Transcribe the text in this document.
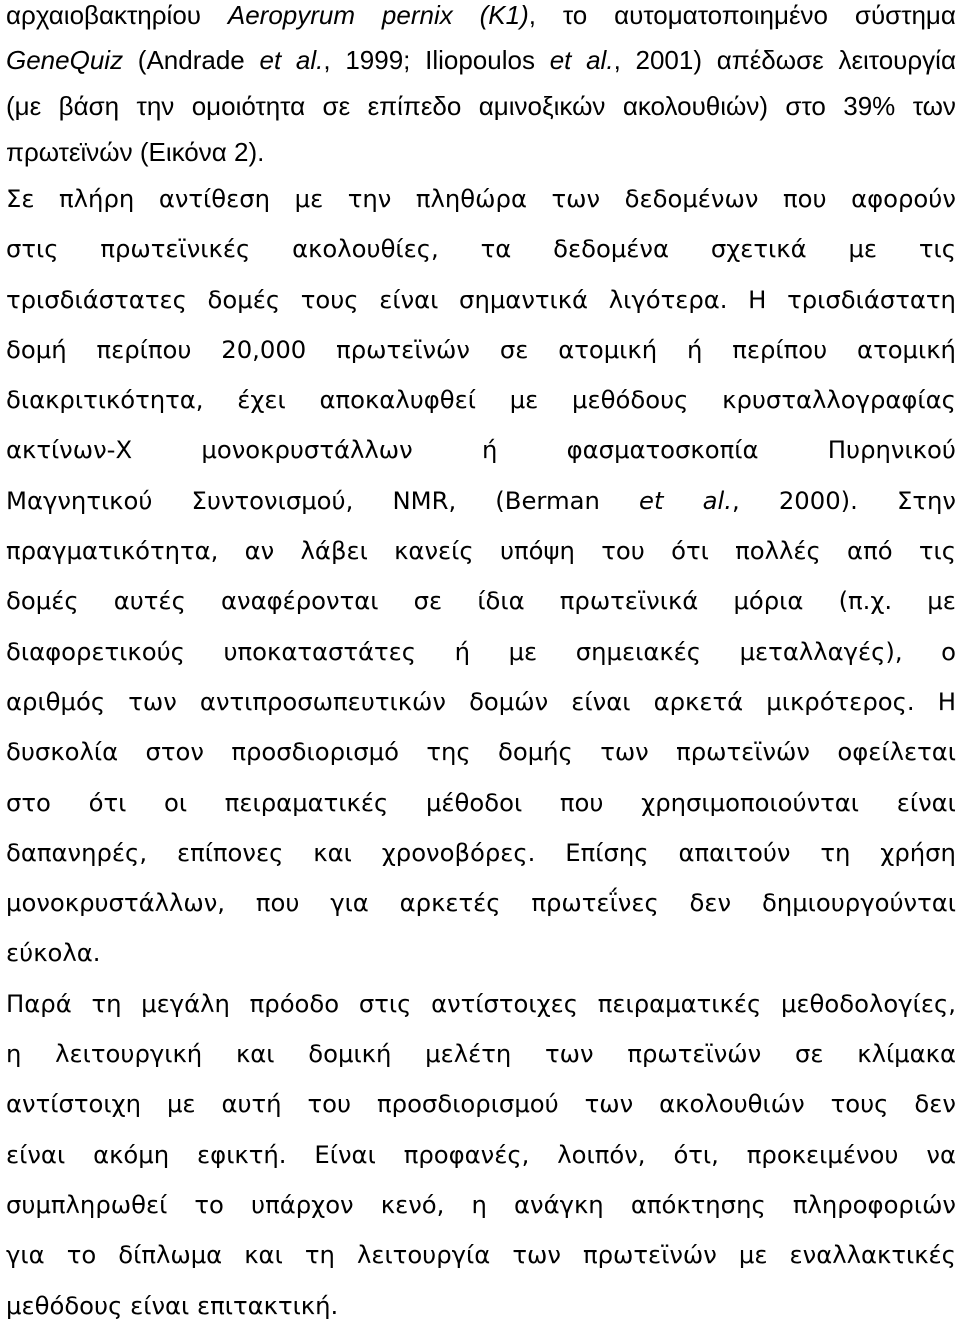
αρχαιοβακτηρίου Aeropyrum pernix (K1), το αυτοματοποιημένο σύστημα
GeneQuiz (Andrade et al., 1999; Iliopoulos et al., 2001) απέδωσε λειτουργία
(με βάση την ομοιότητα σε επίπεδο αμινοξικών ακολουθιών) στο 39% των
πρωτεϊνών
(Εικόνα
2).
Σε πλήρη αντίθεση με την πληθώρα των δεδομένων που αφορούν
στις πρωτεϊνικές ακολουθίες, τα δεδομένα σχετικά με τις
τρισδιάστατες δομές τους είναι σημαντικά λιγότερα. Η τρισδιάστατη
δομή περίπου 20,000 πρωτεϊνών σε ατομική ή περίπου ατομική
διακριτικότητα, έχει αποκαλυφθεί με μεθόδους κρυσταλλογραφίας
ακτίνων-Χ	μονοκρυστάλλων	ή	φασματοσκοπία	Πυρηνικού
Μαγνητικού Συντονισμού, NMR, (Berman et al., 2000). Στην
πραγματικότητα, αν λάβει κανείς υπόψη του ότι πολλές από τις
δομές αυτές αναφέρονται σε ίδια πρωτεϊνικά μόρια (π.χ. με
διαφορετικούς υποκαταστάτες ή με σημειακές μεταλλαγές), ο
αριθμός των αντιπροσωπευτικών δομών είναι αρκετά μικρότερος. Η
δυσκολία στον προσδιορισμό της δομής των πρωτεϊνών οφείλεται
στο ότι οι πειραματικές μέθοδοι που χρησιμοποιούνται είναι
δαπανηρές, επίπονες και χρονοβόρες. Επίσης απαιτούν τη χρήση
μονοκρυστάλλων, που για αρκετές πρωτεΐνες δεν δημιουργούνται
εύκολα.
Παρά τη μεγάλη πρόοδο στις αντίστοιχες πειραματικές μεθοδολογίες,
η λειτουργική και δομική μελέτη των πρωτεϊνών σε κλίμακα
αντίστοιχη με αυτή του προσδιορισμού των ακολουθιών τους δεν
είναι ακόμη εφικτή. Είναι προφανές, λοιπόν, ότι, προκειμένου να
συμπληρωθεί το υπάρχον κενό, η ανάγκη απόκτησης πληροφοριών
για το δίπλωμα και τη λειτουργία των πρωτεϊνών με εναλλακτικές
μεθόδους
είναι
επιτακτική.
